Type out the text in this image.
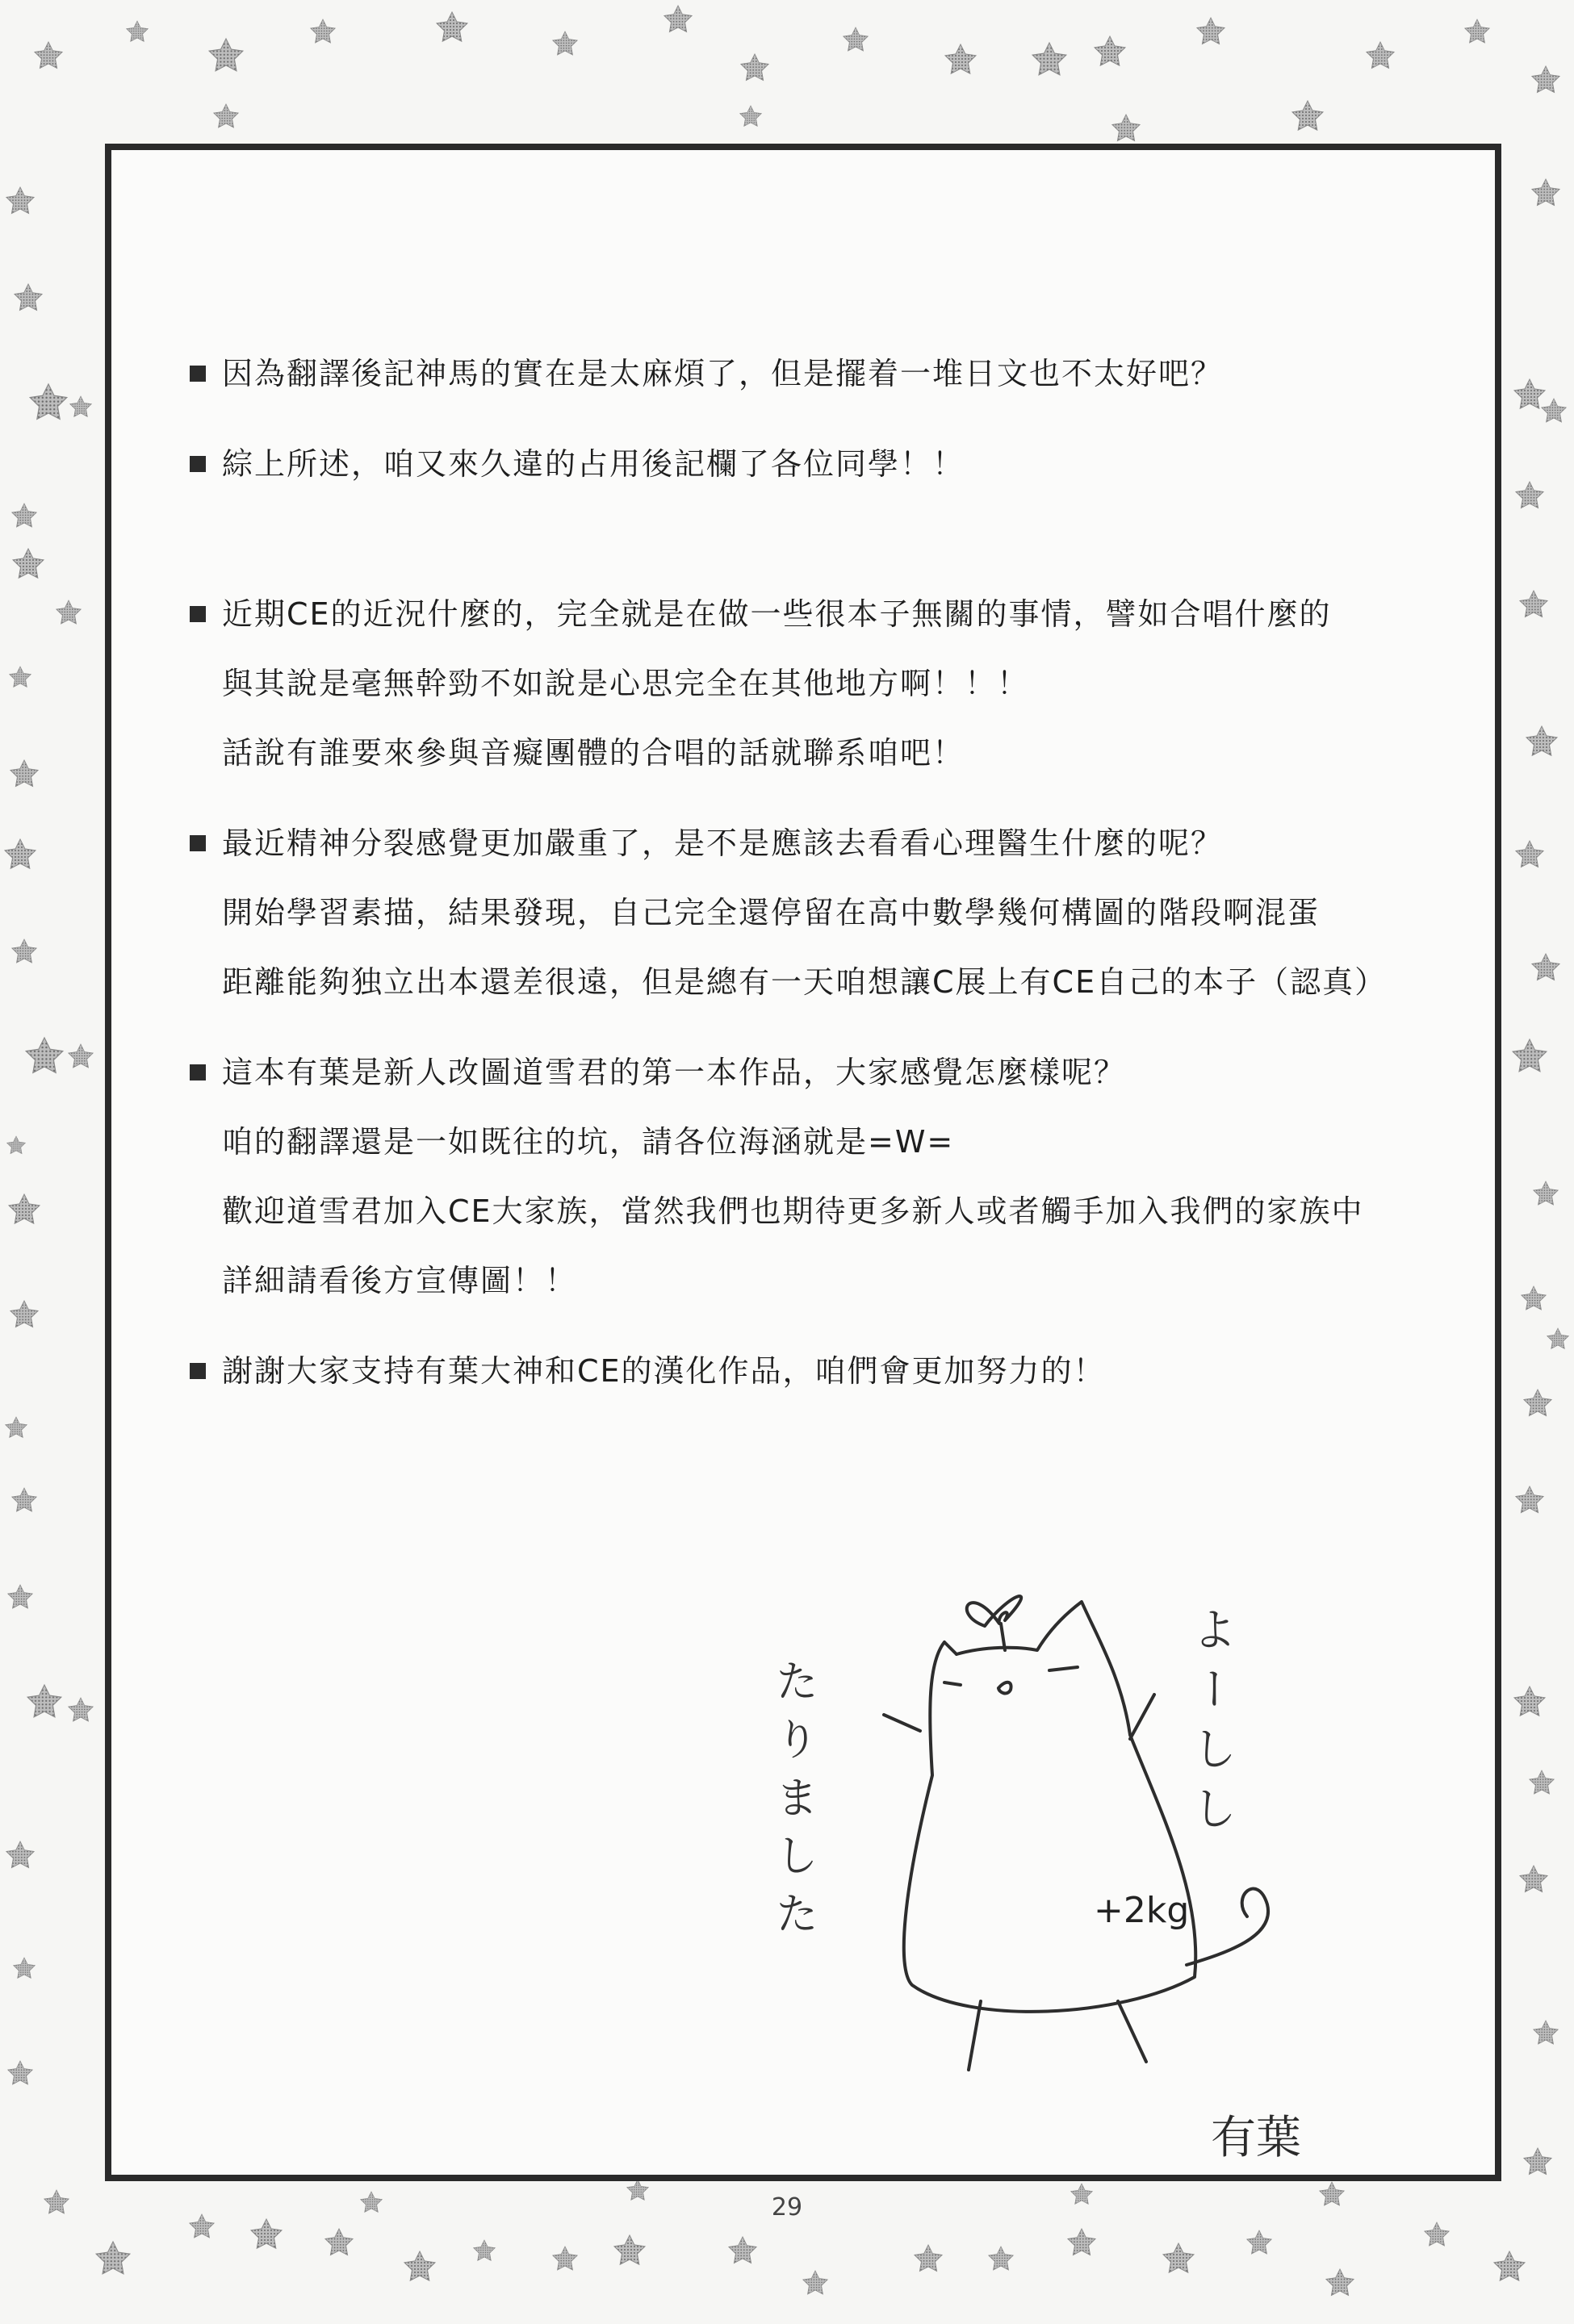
因為翻譯後記神馬的實在是太麻煩了，但是擺着一堆日文也不太好吧？
綜上所述，咱又來久違的占用後記欄了各位同學！！
近期CE的近況什麼的，完全就是在做一些很本子無關的事情，譬如合唱什麼的
與其說是毫無幹勁不如說是心思完全在其他地方啊！！！
話說有誰要來參與音癡團體的合唱的話就聯系咱吧！
最近精神分裂感覺更加嚴重了，是不是應該去看看心理醫生什麼的呢？
開始學習素描，結果發現，自己完全還停留在高中數學幾何構圖的階段啊混蛋
距離能夠独立出本還差很遠，但是總有一天咱想讓C展上有CE自己的本子（認真）
這本有葉是新人改圖道雪君的第一本作品，大家感覺怎麼樣呢？
咱的翻譯還是一如既往的坑，請各位海涵就是=W=
歡迎道雪君加入CE大家族，當然我們也期待更多新人或者觸手加入我們的家族中
詳細請看後方宣傳圖！！
謝謝大家支持有葉大神和CE的漢化作品，咱們會更加努力的！
よーしし
たりました	+2kg
有葉
29
